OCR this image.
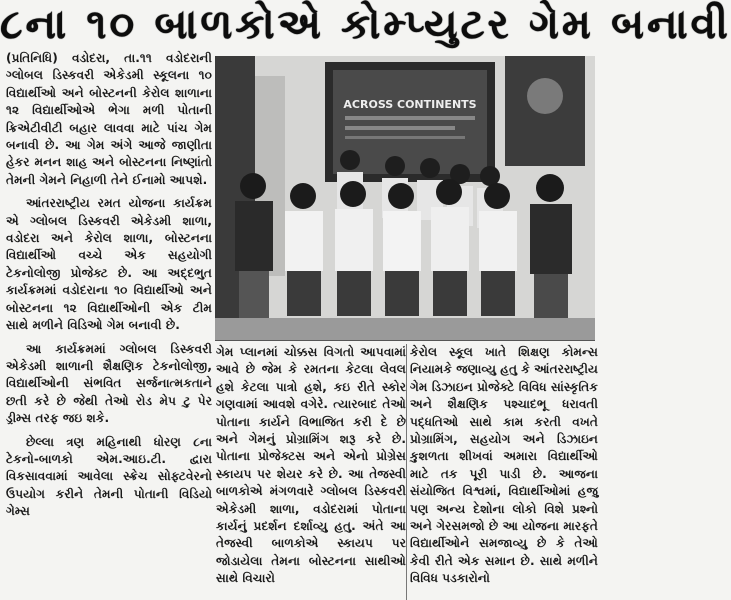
૮ના ૧૦ બાળકોએ કોમ્પ્યુટર ગેમ બનાવી

(પ્રતિનિધિ) વડોદરા, તા.૧૧ વડોદરાની ગ્લોબલ ડિસ્કવરી એકેડમી સ્કૂલના ૧૦ વિદ્યાર્થીઓ અને બોસ્ટનની કેરોલ શાળાના ૧૨ વિદ્યાર્થીઓએ ભેગા મળી પોતાની ક્રિએટીવીટી બહાર લાવવા માટે પાંચ ગેમ બનાવી છે. આ ગેમ અંગે આજે જાણીતા હેકર મનન શાહ અને બોસ્ટનના નિષ્ણાંતો તેમની ગેમને નિહાળી તેને ઈનામો આપશે.

આંતરરાષ્ટ્રીય રમત યોજના કાર્યક્રમ એ ગ્લોબલ ડિસ્કવરી એકેડમી શાળા, વડોદરા અને કેરોલ શાળા, બોસ્ટનના વિદ્યાર્થીઓ વચ્ચે એક સહયોગી ટેકનોલોજી પ્રોજેક્ટ છે. આ અદ્દભુત કાર્યક્રમમાં વડોદરાના ૧૦ વિદ્યાર્થીઓ અને બોસ્ટનના ૧૨ વિદ્યાર્થીઓની એક ટીમ સાથે મળીને વિડિઓ ગેમ બનાવી છે.

આ કાર્યક્રમમાં ગ્લોબલ ડિસ્કવરી એકેડમી શાળાની શૈક્ષણિક ટેકનોલોજી, વિદ્યાર્થીઓની સંભવિત સર્જનાત્મકતાને છતી કરે છે જેથી તેઓ રોડ મેપ ટુ પેર ડ્રીમ્સ તરફ જઇ શકે.

છેલ્લા ત્રણ મહિનાથી ધોરણ ૮ના ટેકનો-બાળકો એમ.આઇ.ટી. દ્વારા વિકસાવવામાં આવેલા સ્ક્રેચ સોફ્ટવેરનો ઉપયોગ કરીને તેમની પોતાની વિડિયો ગેમ્સ

ACROSS CONTINENTS

ગેમ પ્લાનમાં ચોક્કસ વિગતો આપવામાં આવે છે જેમ કે રમતના કેટલા લેવલ હશે કેટલા પાત્રો હશે, કઇ રીતે સ્કોર ગણવામાં આવશે વગેરે. ત્યારબાદ તેઓ પોતાના કાર્યને વિભાજિત કરી દે છે અને ગેમનું પ્રોગ્રામિંગ શરૂ કરે છે. પોતાના પ્રોજેક્ટસ અને એનો પ્રોગ્રેસ સ્કાયપ પર શેયર કરે છે. આ તેજસ્વી બાળકોએ મંગળવારે ગ્લોબલ ડિસ્કવરી એકેડમી શાળા, વડોદરામાં પોતાના કાર્યનું પ્રદર્શન દર્શાવ્યુ હતુ. અંતે આ તેજસ્વી બાળકોએ સ્કાયપ પર જોડાયેલા તેમના બોસ્ટનના સાથીઓ સાથે વિચારો

કેરોલ સ્કૂલ ખાતે શિક્ષણ કોમન્સ નિયામકે જણાવ્યુ હતુ કે આંતરરાષ્ટ્રીય ગેમ ડિઝાઇન પ્રોજેક્ટે વિવિધ સાંસ્કૃતિક અને શૈક્ષણિક પશ્ચાદભૂ ધરાવતી પદ્ધતિઓ સાથે કામ કરતી વખતે પ્રોગ્રામિંગ, સહયોગ અને ડિઝાઇન કુશળતા શીખવાં અમારા વિદ્યાર્થીઓ માટે તક પૂરી પાડી છે. આજના સંયોજિત વિશ્વમાં, વિદ્યાર્થીઓમાં હજુ પણ અન્ય દેશોના લોકો વિશે પ્રશ્નો અને ગેરસમજો છે આ યોજના મારફતે વિદ્યાર્થીઓને સમજાવ્યુ છે કે તેઓ કેવી રીતે એક સમાન છે. સાથે મળીને વિવિધ પડકારોનો
